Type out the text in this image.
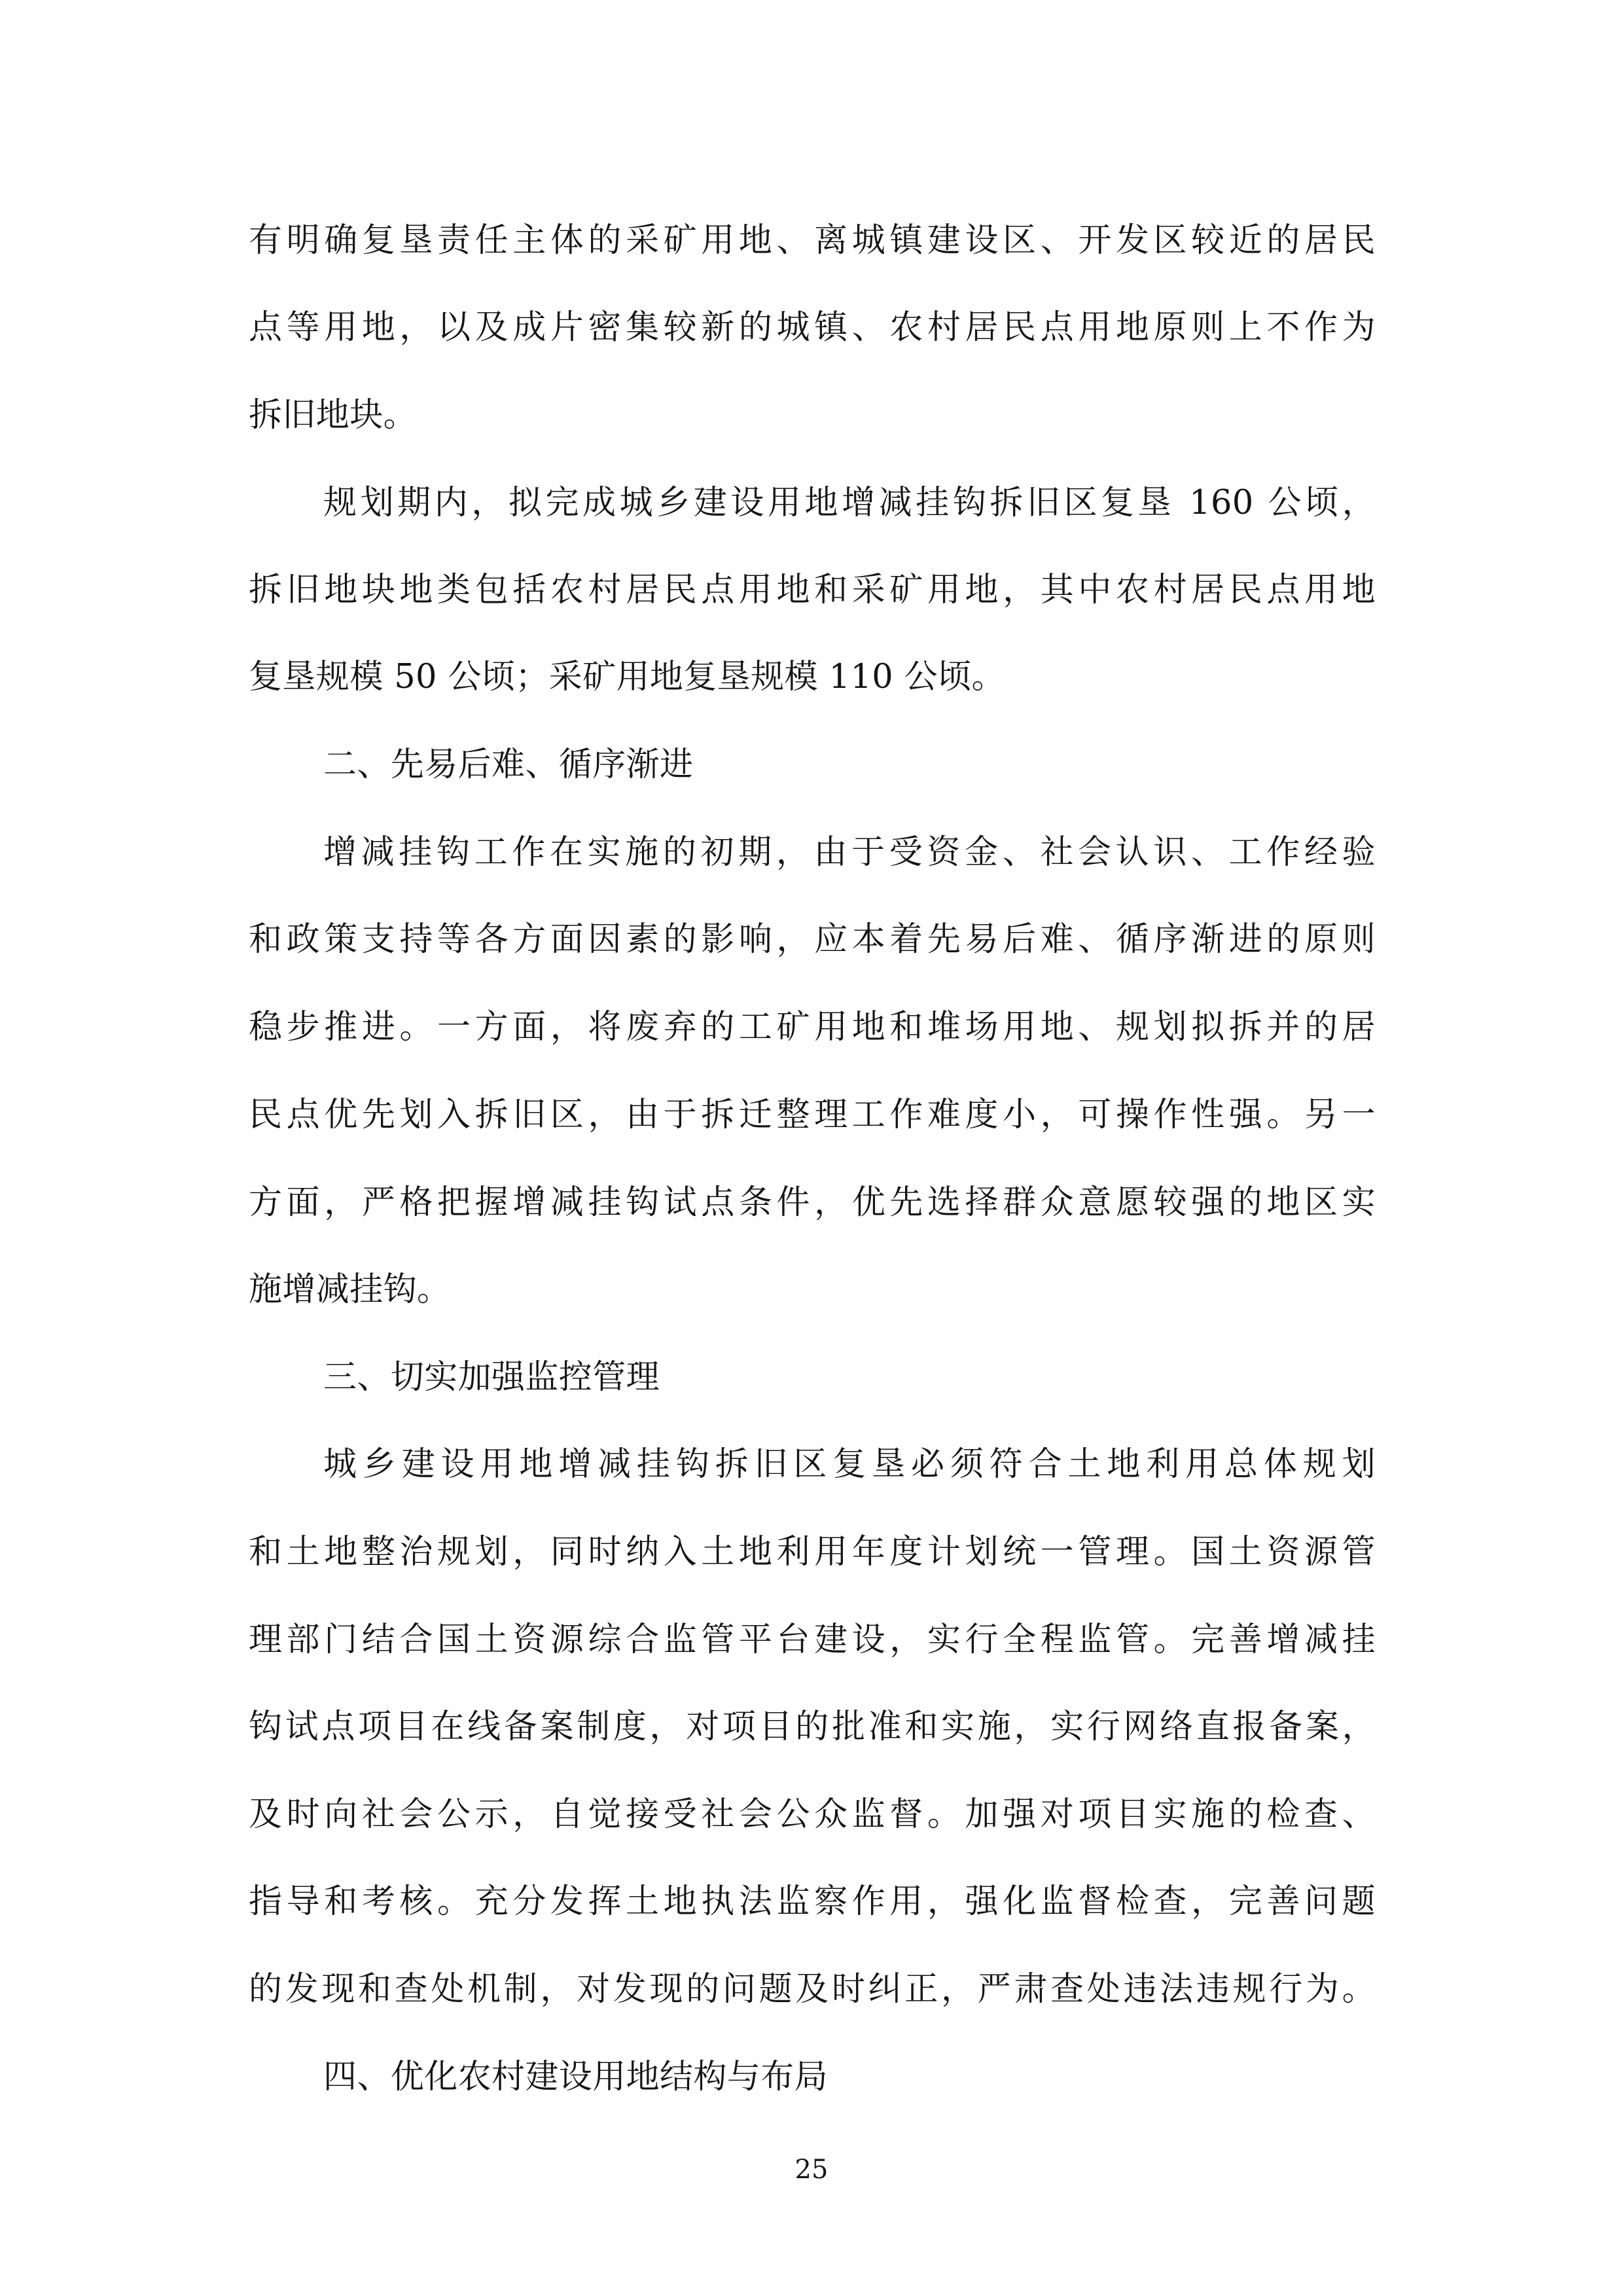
有明确复垦责任主体的采矿用地、离城镇建设区、开发区较近的居民
点等用地，以及成片密集较新的城镇、农村居民点用地原则上不作为
拆旧地块。
规划期内，拟完成城乡建设用地增减挂钩拆旧区复垦 160 公顷，
拆旧地块地类包括农村居民点用地和采矿用地，其中农村居民点用地
复垦规模 50 公顷；采矿用地复垦规模 110 公顷。
二、先易后难、循序渐进
增减挂钩工作在实施的初期，由于受资金、社会认识、工作经验
和政策支持等各方面因素的影响，应本着先易后难、循序渐进的原则
稳步推进。一方面，将废弃的工矿用地和堆场用地、规划拟拆并的居
民点优先划入拆旧区，由于拆迁整理工作难度小，可操作性强。另一
方面，严格把握增减挂钩试点条件，优先选择群众意愿较强的地区实
施增减挂钩。
三、切实加强监控管理
城乡建设用地增减挂钩拆旧区复垦必须符合土地利用总体规划
和土地整治规划，同时纳入土地利用年度计划统一管理。国土资源管
理部门结合国土资源综合监管平台建设，实行全程监管。完善增减挂
钩试点项目在线备案制度，对项目的批准和实施，实行网络直报备案，
及时向社会公示，自觉接受社会公众监督。加强对项目实施的检查、
指导和考核。充分发挥土地执法监察作用，强化监督检查，完善问题
的发现和查处机制，对发现的问题及时纠正，严肃查处违法违规行为。
四、优化农村建设用地结构与布局
25
